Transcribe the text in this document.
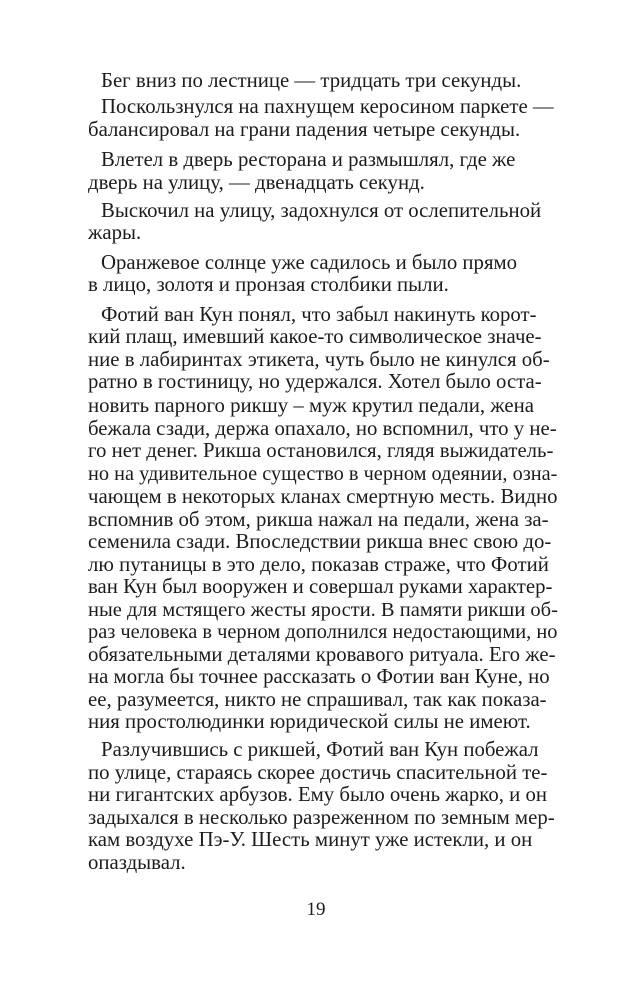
Бег вниз по лестнице — тридцать три секунды.
Поскользнулся на пахнущем керосином паркете —
балансировал на грани падения четыре секунды.
Влетел в дверь ресторана и размышлял, где же
дверь на улицу, — двенадцать секунд.
Выскочил на улицу, задохнулся от ослепительной
жары.
Оранжевое солнце уже садилось и было прямо
в лицо, золотя и пронзая столбики пыли.
Фотий ван Кун понял, что забыл накинуть корот-
кий плащ, имевший какое-то символическое значе-
ние в лабиринтах этикета, чуть было не кинулся об-
ратно в гостиницу, но удержался. Хотел было оста-
новить парного рикшу – муж крутил педали, жена
бежала сзади, держа опахало, но вспомнил, что у не-
го нет денег. Рикша остановился, глядя выжидатель-
но на удивительное существо в черном одеянии, озна-
чающем в некоторых кланах смертную месть. Видно
вспомнив об этом, рикша нажал на педали, жена за-
семенила сзади. Впоследствии рикша внес свою до-
лю путаницы в это дело, показав страже, что Фотий
ван Кун был вооружен и совершал руками характер-
ные для мстящего жесты ярости. В памяти рикши об-
раз человека в черном дополнился недостающими, но
обязательными деталями кровавого ритуала. Его же-
на могла бы точнее рассказать о Фотии ван Куне, но
ее, разумеется, никто не спрашивал, так как показа-
ния простолюдинки юридической силы не имеют.
Разлучившись с рикшей, Фотий ван Кун побежал
по улице, стараясь скорее достичь спасительной те-
ни гигантских арбузов. Ему было очень жарко, и он
задыхался в несколько разреженном по земным мер-
кам воздухе Пэ-У. Шесть минут уже истекли, и он
опаздывал.
19
